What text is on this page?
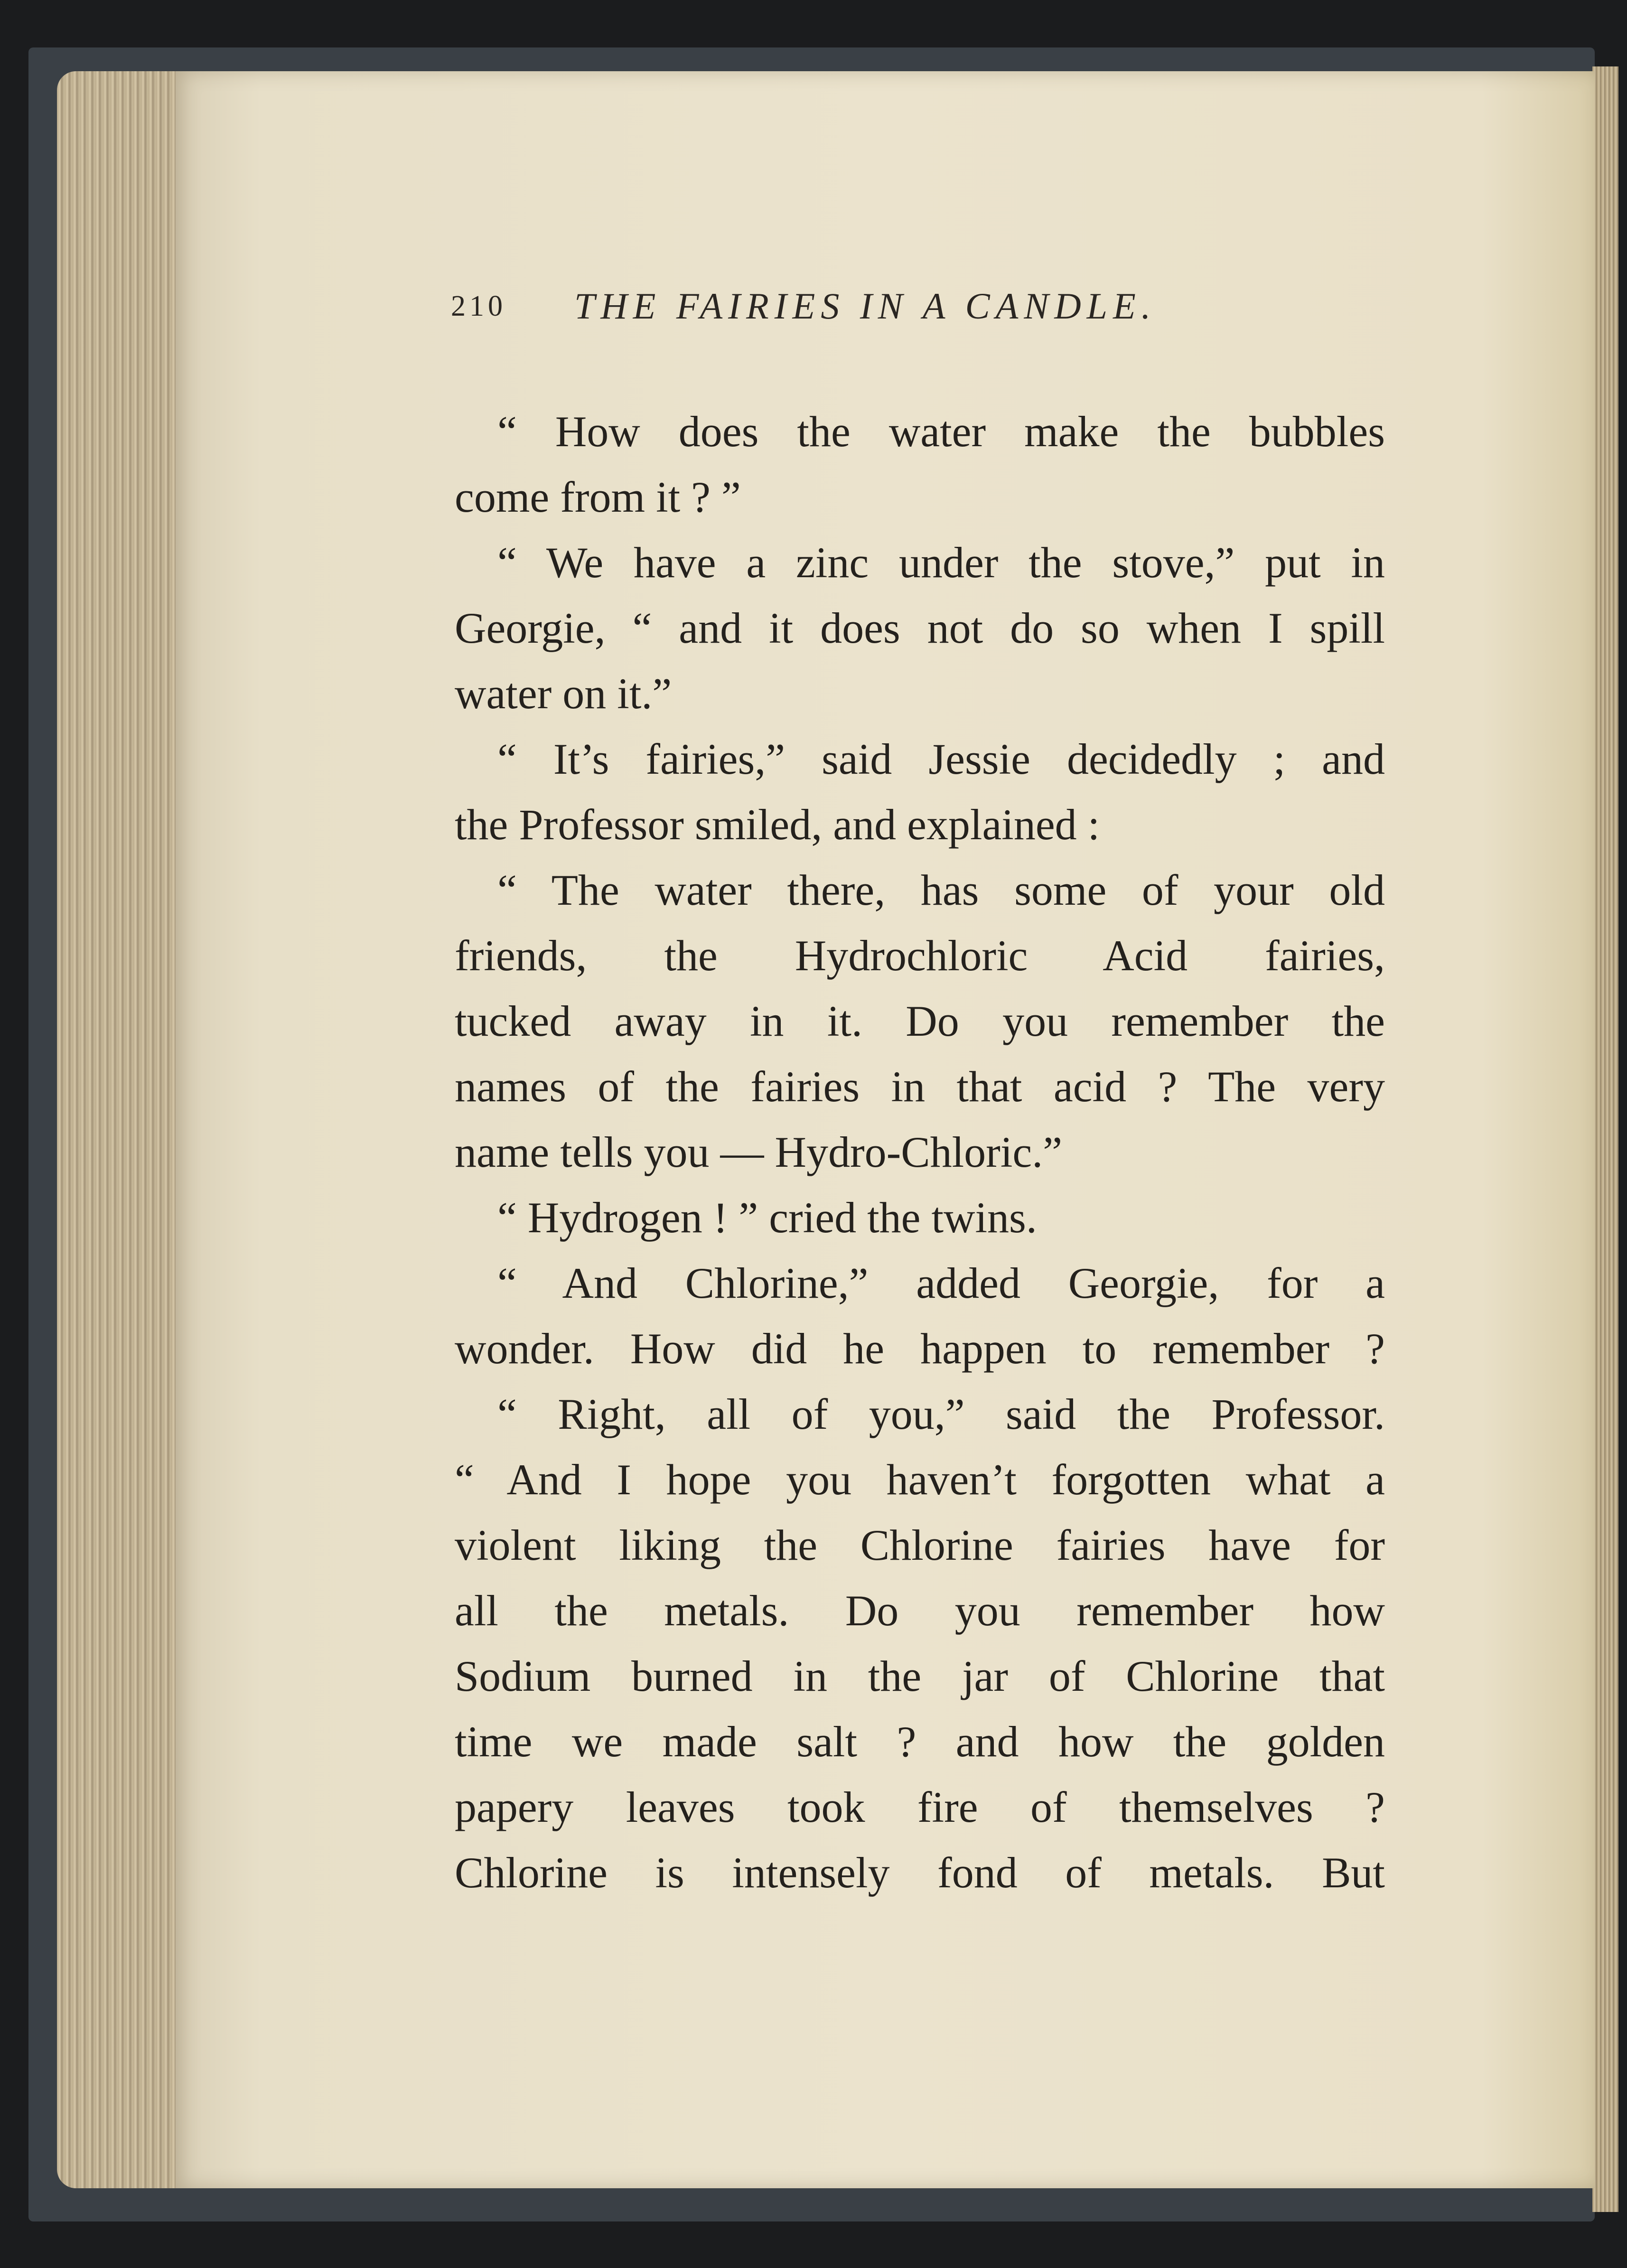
210 THE FAIRIES IN A CANDLE.
“ How does the water make the bubbles
come from it ? ”
“ We have a zinc under the stove,” put in
Georgie, “ and it does not do so when I spill
water on it.”
“ It’s fairies,” said Jessie decidedly ; and
the Professor smiled, and explained :
“ The water there, has some of your old
friends, the Hydrochloric Acid fairies,
tucked away in it. Do you remember the
names of the fairies in that acid ? The very
name tells you — Hydro-Chloric.”
“ Hydrogen ! ” cried the twins.
“ And Chlorine,” added Georgie, for a
wonder. How did he happen to remember ?
“ Right, all of you,” said the Professor.
“ And I hope you haven’t forgotten what a
violent liking the Chlorine fairies have for
all the metals. Do you remember how
Sodium burned in the jar of Chlorine that
time we made salt ? and how the golden
papery leaves took fire of themselves ?
Chlorine is intensely fond of metals. But
